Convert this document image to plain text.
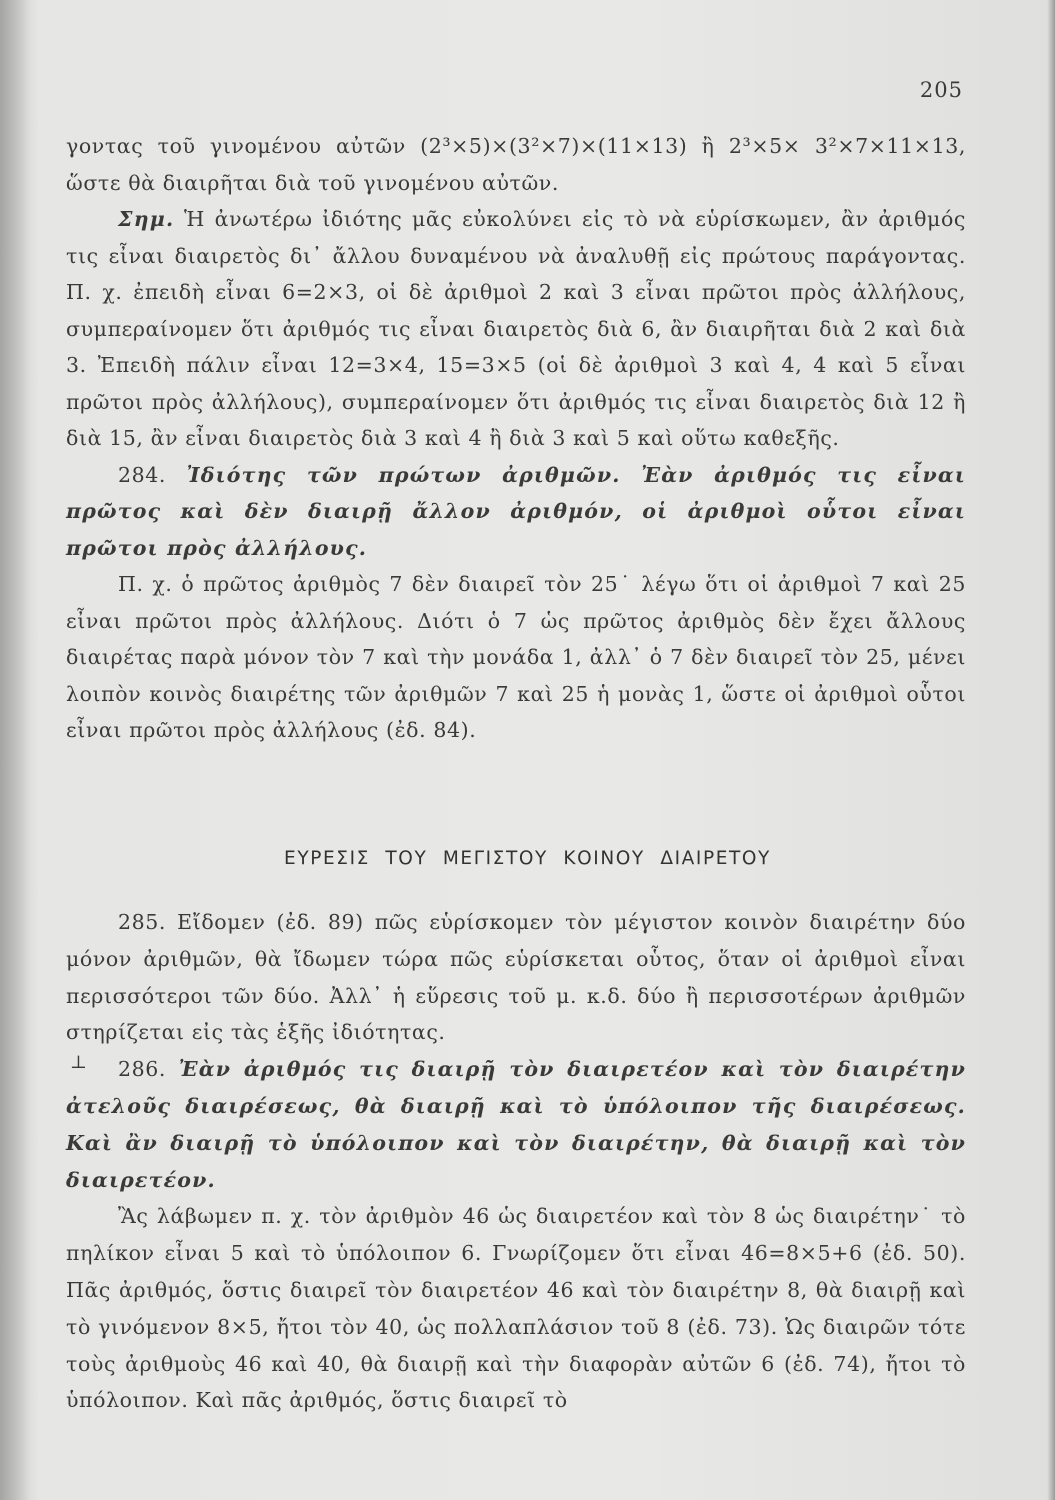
205

γοντας τοῦ γινομένου αὐτῶν (2³×5)×(3²×7)×(11×13) ἢ 2³×5× 3²×7×11×13, ὥστε θὰ διαιρῆται διὰ τοῦ γινομένου αὐτῶν.

Σημ. Ἡ ἀνωτέρω ἰδιότης μᾶς εὐκολύνει εἰς τὸ νὰ εὑρίσκωμεν, ἂν ἀριθμός τις εἶναι διαιρετὸς δι᾽ ἄλλου δυναμένου νὰ ἀναλυθῇ εἰς πρώτους παράγοντας. Π. χ. ἐπειδὴ εἶναι 6=2×3, οἱ δὲ ἀριθμοὶ 2 καὶ 3 εἶναι πρῶτοι πρὸς ἀλλήλους, συμπεραίνομεν ὅτι ἀριθμός τις εἶναι διαιρετὸς διὰ 6, ἂν διαιρῆται διὰ 2 καὶ διὰ 3. Ἐπειδὴ πάλιν εἶναι 12=3×4, 15=3×5 (οἱ δὲ ἀριθμοὶ 3 καὶ 4, 4 καὶ 5 εἶναι πρῶτοι πρὸς ἀλλήλους), συμπεραίνομεν ὅτι ἀριθμός τις εἶναι διαιρετὸς διὰ 12 ἢ διὰ 15, ἂν εἶναι διαιρετὸς διὰ 3 καὶ 4 ἢ διὰ 3 καὶ 5 καὶ οὕτω καθεξῆς.

284. Ἰδιότης τῶν πρώτων ἀριθμῶν. Ἐὰν ἀριθμός τις εἶναι πρῶτος καὶ δὲν διαιρῇ ἄλλον ἀριθμόν, οἱ ἀριθμοὶ οὗτοι εἶναι πρῶτοι πρὸς ἀλλήλους.

Π. χ. ὁ πρῶτος ἀριθμὸς 7 δὲν διαιρεῖ τὸν 25˙ λέγω ὅτι οἱ ἀριθμοὶ 7 καὶ 25 εἶναι πρῶτοι πρὸς ἀλλήλους. Διότι ὁ 7 ὡς πρῶτος ἀριθμὸς δὲν ἔχει ἄλλους διαιρέτας παρὰ μόνον τὸν 7 καὶ τὴν μονάδα 1, ἀλλ᾽ ὁ 7 δὲν διαιρεῖ τὸν 25, μένει λοιπὸν κοινὸς διαιρέτης τῶν ἀριθμῶν 7 καὶ 25 ἡ μονὰς 1, ὥστε οἱ ἀριθμοὶ οὗτοι εἶναι πρῶτοι πρὸς ἀλλήλους (ἐδ. 84).

ΕΥΡΕΣΙΣ ΤΟΥ ΜΕΓΙΣΤΟΥ ΚΟΙΝΟΥ ΔΙΑΙΡΕΤΟΥ

285. Εἴδομεν (ἐδ. 89) πῶς εὑρίσκομεν τὸν μέγιστον κοινὸν διαιρέτην δύο μόνον ἀριθμῶν, θὰ ἴδωμεν τώρα πῶς εὑρίσκεται οὗτος, ὅταν οἱ ἀριθμοὶ εἶναι περισσότεροι τῶν δύο. Ἀλλ᾽ ἡ εὕρεσις τοῦ μ. κ.δ. δύο ἢ περισσοτέρων ἀριθμῶν στηρίζεται εἰς τὰς ἑξῆς ἰδιότητας.

286. Ἐὰν ἀριθμός τις διαιρῇ τὸν διαιρετέον καὶ τὸν διαιρέτην ἀτελοῦς διαιρέσεως, θὰ διαιρῇ καὶ τὸ ὑπόλοιπον τῆς διαιρέσεως. Καὶ ἂν διαιρῇ τὸ ὑπόλοιπον καὶ τὸν διαιρέτην, θὰ διαιρῇ καὶ τὸν διαιρετέον.

Ἂς λάβωμεν π. χ. τὸν ἀριθμὸν 46 ὡς διαιρετέον καὶ τὸν 8 ὡς διαιρέτην˙ τὸ πηλίκον εἶναι 5 καὶ τὸ ὑπόλοιπον 6. Γνωρίζομεν ὅτι εἶναι 46=8×5+6 (ἐδ. 50). Πᾶς ἀριθμός, ὅστις διαιρεῖ τὸν διαιρετέον 46 καὶ τὸν διαιρέτην 8, θὰ διαιρῇ καὶ τὸ γινόμενον 8×5, ἤτοι τὸν 40, ὡς πολλαπλάσιον τοῦ 8 (ἐδ. 73). Ὡς διαιρῶν τότε τοὺς ἀριθμοὺς 46 καὶ 40, θὰ διαιρῇ καὶ τὴν διαφορὰν αὐτῶν 6 (ἐδ. 74), ἤτοι τὸ ὑπόλοιπον. Καὶ πᾶς ἀριθμός, ὅστις διαιρεῖ τὸ

⊥
